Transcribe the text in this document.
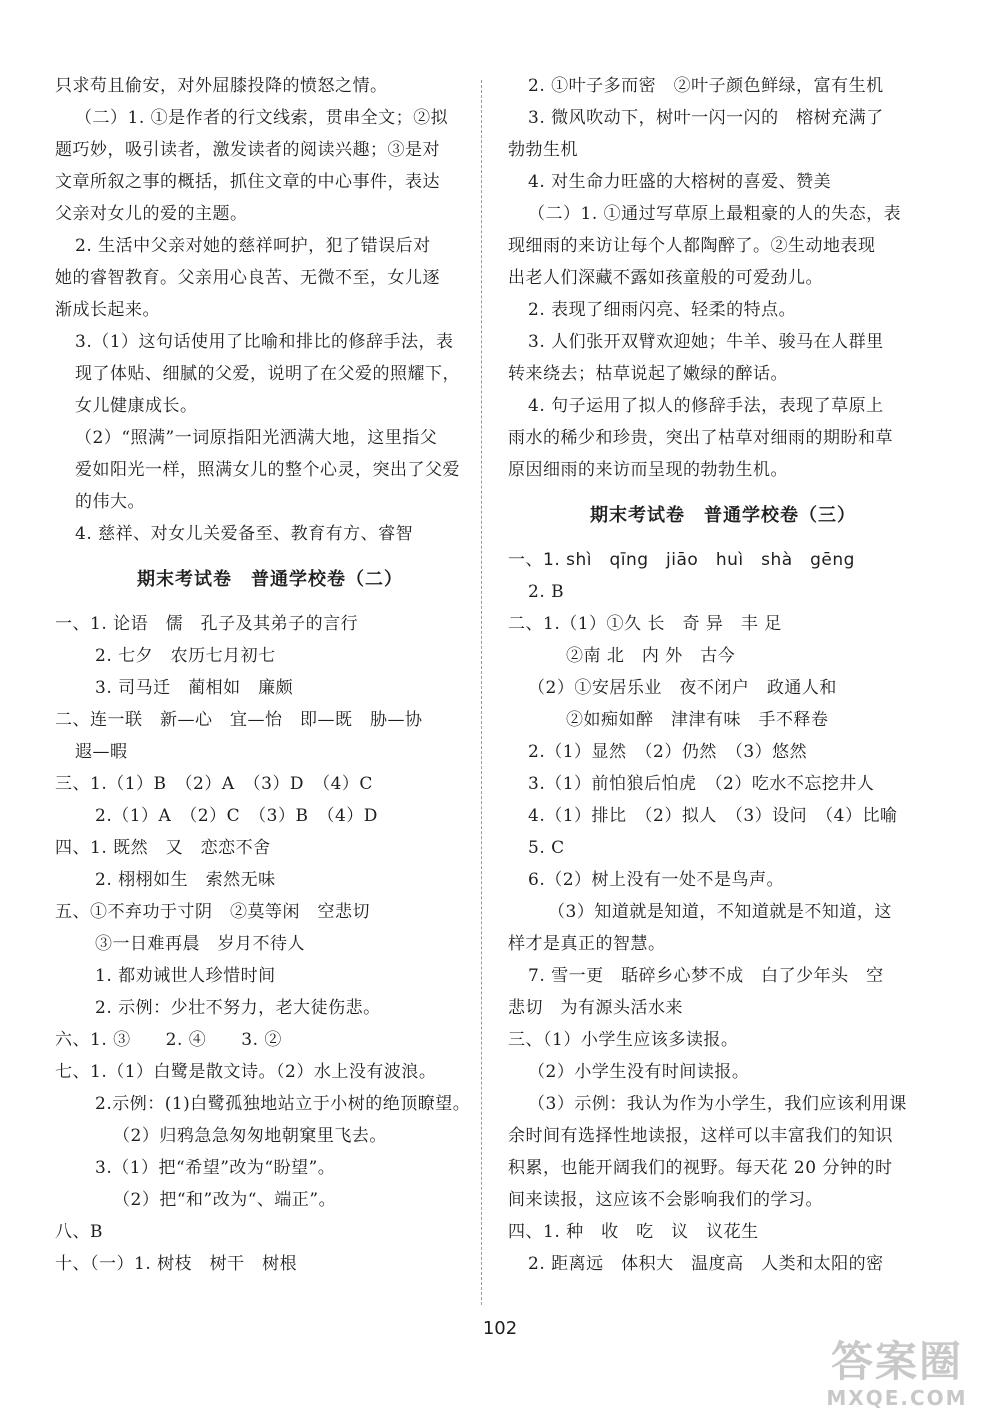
只求苟且偷安，对外屈膝投降的愤怒之情。
（二）1. ①是作者的行文线索，贯串全文；②拟
题巧妙，吸引读者，激发读者的阅读兴趣；③是对
文章所叙之事的概括，抓住文章的中心事件，表达
父亲对女儿的爱的主题。
2. 生活中父亲对她的慈祥呵护，犯了错误后对
她的睿智教育。父亲用心良苦、无微不至，女儿逐
渐成长起来。
3.（1）这句话使用了比喻和排比的修辞手法，表
现了体贴、细腻的父爱，说明了在父爱的照耀下，
女儿健康成长。
（2）“照满”一词原指阳光洒满大地，这里指父
爱如阳光一样，照满女儿的整个心灵，突出了父爱
的伟大。
4. 慈祥、对女儿关爱备至、教育有方、睿智
期末考试卷　普通学校卷（二）
一、1. 论语　儒　孔子及其弟子的言行
2. 七夕　农历七月初七
3. 司马迁　蔺相如　廉颇
二、连一联　新—心　宜—怡　即—既　胁—协
遐—暇
三、1.（1）B　（2）A　（3）D　（4）C
2.（1）A　（2）C　（3）B　（4）D
四、1. 既然　又　恋恋不舍
2. 栩栩如生　索然无味
五、①不弃功于寸阴　②莫等闲　空悲切
③一日难再晨　岁月不待人
1. 都劝诫世人珍惜时间
2. 示例：少壮不努力，老大徒伤悲。
六、1. ③　　2. ④　　3. ②
七、1.（1）白鹭是散文诗。（2）水上没有波浪。
2.示例：(1)白鹭孤独地站立于小树的绝顶瞭望。
（2）归鸦急急匆匆地朝窠里飞去。
3.（1）把“希望”改为“盼望”。
（2）把“和”改为“、端正”。
八、B
十、（一）1. 树枝　树干　树根
2. ①叶子多而密　②叶子颜色鲜绿，富有生机
3. 微风吹动下，树叶一闪一闪的　榕树充满了
勃勃生机
4. 对生命力旺盛的大榕树的喜爱、赞美
（二）1. ①通过写草原上最粗豪的人的失态，表
现细雨的来访让每个人都陶醉了。②生动地表现
出老人们深藏不露如孩童般的可爱劲儿。
2. 表现了细雨闪亮、轻柔的特点。
3. 人们张开双臂欢迎她；牛羊、骏马在人群里
转来绕去；枯草说起了嫩绿的醉话。
4. 句子运用了拟人的修辞手法，表现了草原上
雨水的稀少和珍贵，突出了枯草对细雨的期盼和草
原因细雨的来访而呈现的勃勃生机。
期末考试卷　普通学校卷（三）
一、1. shì　qīng　jiāo　huì　shà　gēng
2. B
二、1.（1）①久 长　奇 异　丰 足
②南 北　内 外　古今
（2）①安居乐业　夜不闭户　政通人和
②如痴如醉　津津有味　手不释卷
2.（1）显然　（2）仍然　（3）悠然
3.（1）前怕狼后怕虎　（2）吃水不忘挖井人
4.（1）排比　（2）拟人　（3）设问　（4）比喻
5. C
6.（2）树上没有一处不是鸟声。
（3）知道就是知道，不知道就是不知道，这
样才是真正的智慧。
7. 雪一更　聒碎乡心梦不成　白了少年头　空
悲切　为有源头活水来
三、（1）小学生应该多读报。
（2）小学生没有时间读报。
（3）示例：我认为作为小学生，我们应该利用课
余时间有选择性地读报，这样可以丰富我们的知识
积累，也能开阔我们的视野。每天花 20 分钟的时
间来读报，这应该不会影响我们的学习。
四、1. 种　收　吃　议　议花生
2. 距离远　体积大　温度高　人类和太阳的密
102
答案圈
MXQE.COM
